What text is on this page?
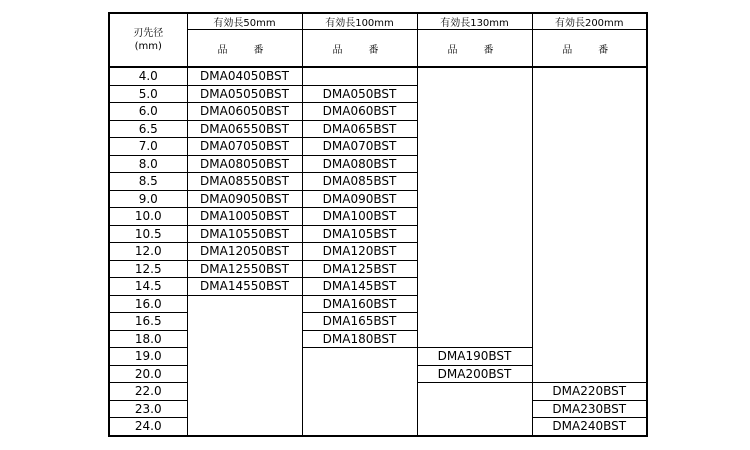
刃先径
(mm)	有効長50mm	有効長100mm	有効長130mm	有効長200mm
	品　番	品　番	品　番	品　番
4.0	DMA04050BST			
5.0	DMA05050BST	DMA050BST		
6.0	DMA06050BST	DMA060BST		
6.5	DMA06550BST	DMA065BST		
7.0	DMA07050BST	DMA070BST		
8.0	DMA08050BST	DMA080BST		
8.5	DMA08550BST	DMA085BST		
9.0	DMA09050BST	DMA090BST		
10.0	DMA10050BST	DMA100BST		
10.5	DMA10550BST	DMA105BST		
12.0	DMA12050BST	DMA120BST		
12.5	DMA12550BST	DMA125BST		
14.5	DMA14550BST	DMA145BST		
16.0		DMA160BST		
16.5		DMA165BST		
18.0		DMA180BST		
19.0			DMA190BST	
20.0			DMA200BST	
22.0				DMA220BST
23.0				DMA230BST
24.0				DMA240BST
